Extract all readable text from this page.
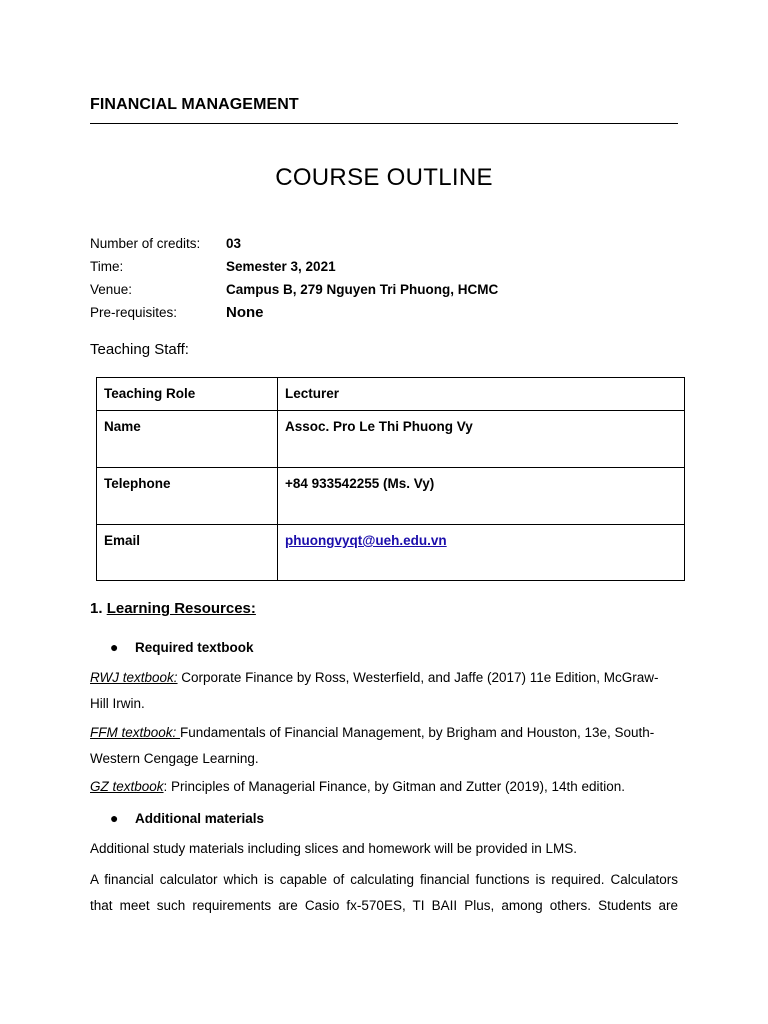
FINANCIAL MANAGEMENT
COURSE OUTLINE
Number of credits: 03
Time:	Semester 3, 2021
Venue:	Campus B, 279 Nguyen Tri Phuong, HCMC
Pre-requisites:	None
Teaching Staff:
Teaching Role	Lecturer
Name	Assoc. Pro Le Thi Phuong Vy
Telephone	+84 933542255 (Ms. Vy)
Email	phuongvyqt@ueh.edu.vn
1. Learning Resources:
● Required textbook
RWJ textbook: Corporate Finance by Ross, Westerfield, and Jaffe (2017) 11e Edition, McGraw-
Hill Irwin.
FFM textbook: Fundamentals of Financial Management, by Brigham and Houston, 13e, South-
Western Cengage Learning.
GZ textbook: Principles of Managerial Finance, by Gitman and Zutter (2019), 14th edition.
● Additional materials
Additional study materials including slices and homework will be provided in LMS.
A financial calculator which is capable of calculating financial functions is required. Calculators
that meet such requirements are Casio fx-570ES, TI BAII Plus, among others. Students are
